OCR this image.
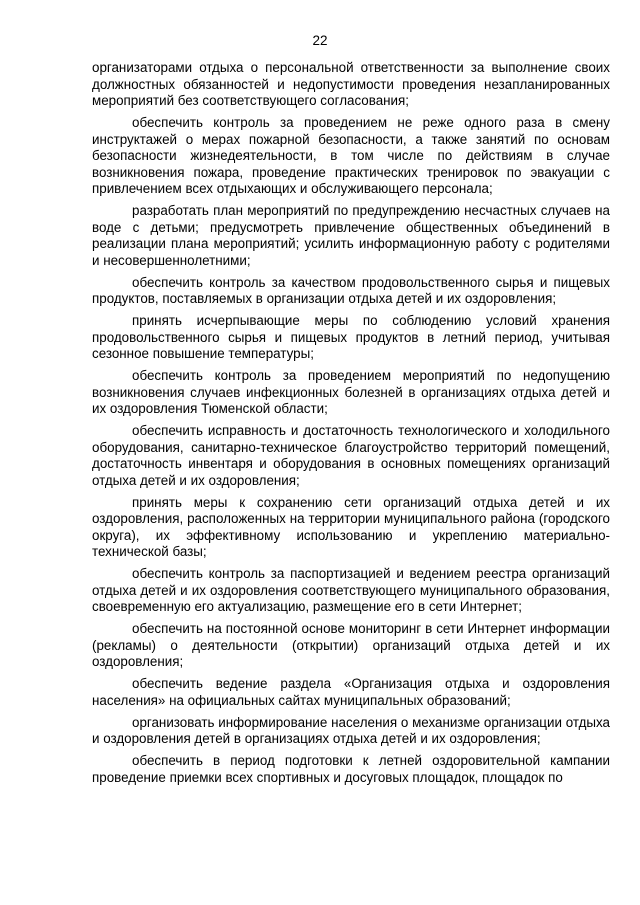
22

организаторами отдыха о персональной ответственности за выполнение своих должностных обязанностей и недопустимости проведения незапланированных мероприятий без соответствующего согласования;

обеспечить контроль за проведением не реже одного раза в смену инструктажей о мерах пожарной безопасности, а также занятий по основам безопасности жизнедеятельности, в том числе по действиям в случае возникновения пожара, проведение практических тренировок по эвакуации с привлечением всех отдыхающих и обслуживающего персонала;

разработать план мероприятий по предупреждению несчастных случаев на воде с детьми; предусмотреть привлечение общественных объединений в реализации плана мероприятий; усилить информационную работу с родителями и несовершеннолетними;

обеспечить контроль за качеством продовольственного сырья и пищевых продуктов, поставляемых в организации отдыха детей и их оздоровления;

принять исчерпывающие меры по соблюдению условий хранения продовольственного сырья и пищевых продуктов в летний период, учитывая сезонное повышение температуры;

обеспечить контроль за проведением мероприятий по недопущению возникновения случаев инфекционных болезней в организациях отдыха детей и их оздоровления Тюменской области;

обеспечить исправность и достаточность технологического и холодильного оборудования, санитарно-техническое благоустройство территорий помещений, достаточность инвентаря и оборудования в основных помещениях организаций отдыха детей и их оздоровления;

принять меры к сохранению сети организаций отдыха детей и их оздоровления, расположенных на территории муниципального района (городского округа), их эффективному использованию и укреплению материально-технической базы;

обеспечить контроль за паспортизацией и ведением реестра организаций отдыха детей и их оздоровления соответствующего муниципального образования, своевременную его актуализацию, размещение его в сети Интернет;

обеспечить на постоянной основе мониторинг в сети Интернет информации (рекламы) о деятельности (открытии) организаций отдыха детей и их оздоровления;

обеспечить ведение раздела «Организация отдыха и оздоровления населения» на официальных сайтах муниципальных образований;

организовать информирование населения о механизме организации отдыха и оздоровления детей в организациях отдыха детей и их оздоровления;

обеспечить в период подготовки к летней оздоровительной кампании проведение приемки всех спортивных и досуговых площадок, площадок по
